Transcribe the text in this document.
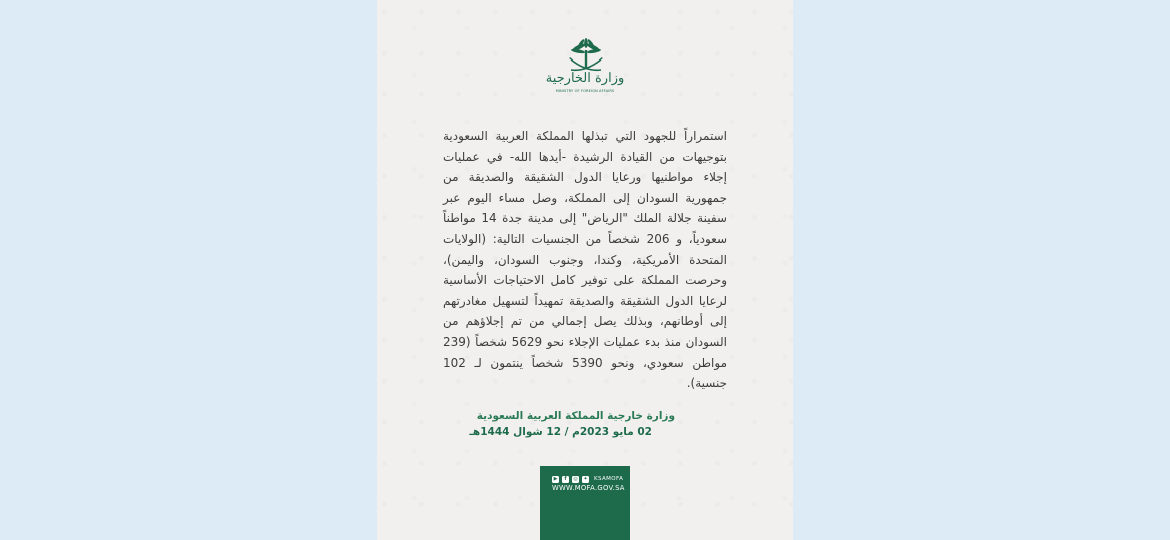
وزارة الخارجية
MINISTRY OF FOREIGN AFFAIRS
استمراراً للجهود التي تبذلها المملكة العربية السعودية بتوجيهات من القيادة الرشيدة -أيدها الله- في عمليات إجلاء مواطنيها ورعايا الدول الشقيقة والصديقة من جمهورية السودان إلى المملكة، وصل مساء اليوم عبر سفينة جلالة الملك "الرياض" إلى مدينة جدة 14 مواطناً سعودياً، و 206 شخصاً من الجنسيات التالية: (الولايات المتحدة الأمريكية، وكندا، وجنوب السودان، واليمن)، وحرصت المملكة على توفير كامل الاحتياجات الأساسية لرعايا الدول الشقيقة والصديقة تمهيداً لتسهيل مغادرتهم إلى أوطانهم، وبذلك يصل إجمالي من تم إجلاؤهم من السودان منذ بدء عمليات الإجلاء نحو 5629 شخصاً (239 مواطن سعودي، ونحو 5390 شخصاً ينتمون لـ 102 جنسية).
وزارة خارجية المملكة العربية السعودية
02 مايو 2023م / 12 شوال 1444هـ
▶	f	◎ ✦ KSAMOFA
WWW.MOFA.GOV.SA
